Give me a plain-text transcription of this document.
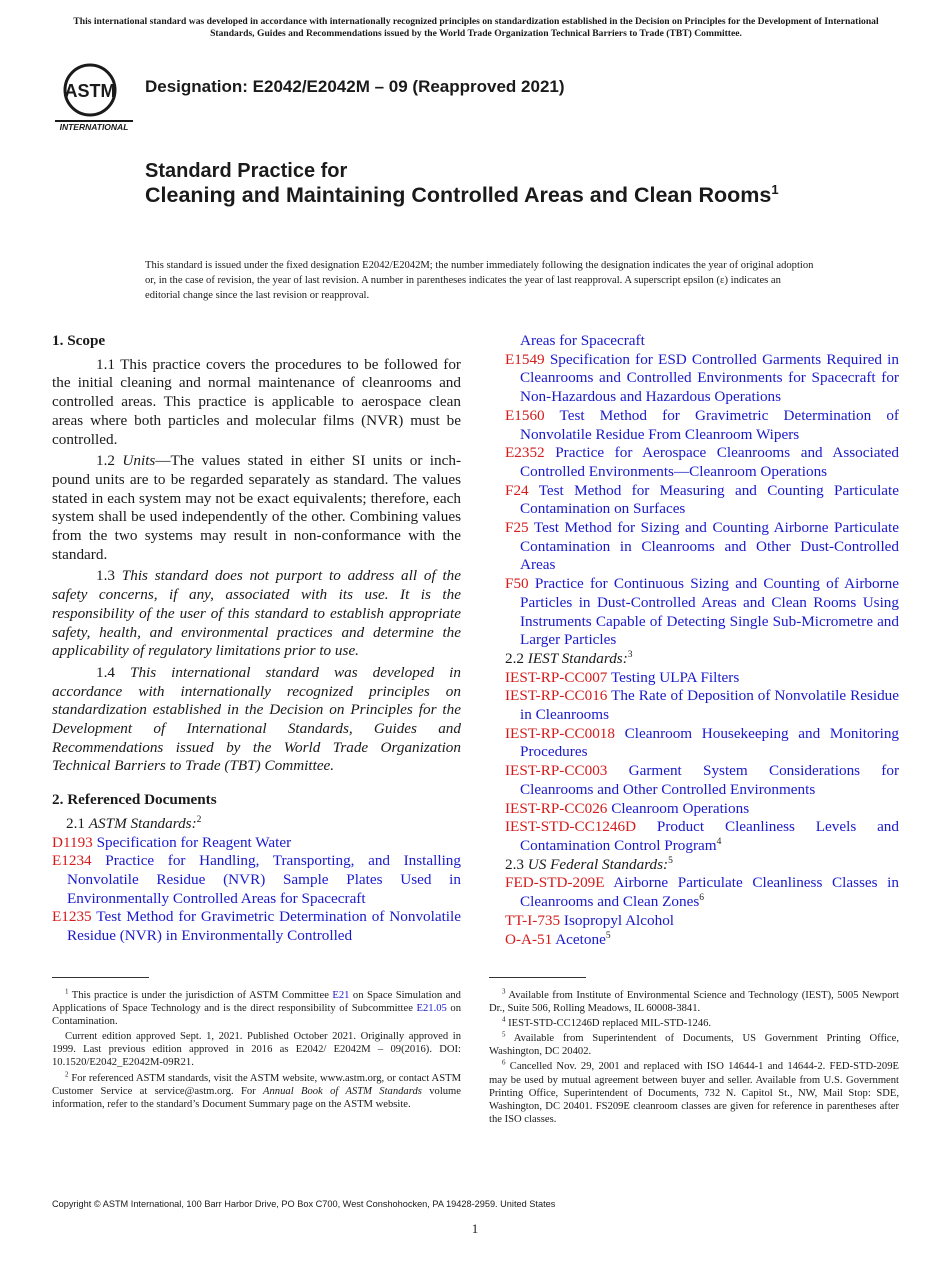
This international standard was developed in accordance with internationally recognized principles on standardization established in the Decision on Principles for the Development of International Standards, Guides and Recommendations issued by the World Trade Organization Technical Barriers to Trade (TBT) Committee.
ASTM
INTERNATIONAL
Designation: E2042/E2042M – 09 (Reapproved 2021)
Standard Practice for
Cleaning and Maintaining Controlled Areas and Clean Rooms$^1$
This standard is issued under the fixed designation E2042/E2042M; the number immediately following the designation indicates the year of original adoption or, in the case of revision, the year of last revision. A number in parentheses indicates the year of last reapproval. A superscript epsilon (ε) indicates an editorial change since the last revision or reapproval.

1. Scope

1.1 This practice covers the procedures to be followed for the initial cleaning and normal maintenance of cleanrooms and controlled areas. This practice is applicable to aerospace clean areas where both particles and molecular films (NVR) must be controlled.

1.2 Units—The values stated in either SI units or inch-pound units are to be regarded separately as standard. The values stated in each system may not be exact equivalents; therefore, each system shall be used independently of the other. Combining values from the two systems may result in non-conformance with the standard.

1.3 This standard does not purport to address all of the safety concerns, if any, associated with its use. It is the responsibility of the user of this standard to establish appropriate safety, health, and environmental practices and determine the applicability of regulatory limitations prior to use.

1.4 This international standard was developed in accordance with internationally recognized principles on standardization established in the Decision on Principles for the Development of International Standards, Guides and Recommendations issued by the World Trade Organization Technical Barriers to Trade (TBT) Committee.

2. Referenced Documents

2.1 ASTM Standards:$^2$

D1193 Specification for Reagent Water

E1234 Practice for Handling, Transporting, and Installing Nonvolatile Residue (NVR) Sample Plates Used in Environmentally Controlled Areas for Spacecraft

E1235 Test Method for Gravimetric Determination of Nonvolatile Residue (NVR) in Environmentally Controlled

Areas for Spacecraft

E1549 Specification for ESD Controlled Garments Required in Cleanrooms and Controlled Environments for Spacecraft for Non-Hazardous and Hazardous Operations

E1560 Test Method for Gravimetric Determination of Nonvolatile Residue From Cleanroom Wipers

E2352 Practice for Aerospace Cleanrooms and Associated Controlled Environments—Cleanroom Operations

F24 Test Method for Measuring and Counting Particulate Contamination on Surfaces

F25 Test Method for Sizing and Counting Airborne Particulate Contamination in Cleanrooms and Other Dust-Controlled Areas

F50 Practice for Continuous Sizing and Counting of Airborne Particles in Dust-Controlled Areas and Clean Rooms Using Instruments Capable of Detecting Single Sub-Micrometre and Larger Particles

2.2 IEST Standards:$^3$

IEST-RP-CC007 Testing ULPA Filters

IEST-RP-CC016 The Rate of Deposition of Nonvolatile Residue in Cleanrooms

IEST-RP-CC0018 Cleanroom Housekeeping and Monitoring Procedures

IEST-RP-CC003 Garment System Considerations for Cleanrooms and Other Controlled Environments

IEST-RP-CC026 Cleanroom Operations

IEST-STD-CC1246D Product Cleanliness Levels and Contamination Control Program$^4$

2.3 US Federal Standards:$^5$

FED-STD-209E Airborne Particulate Cleanliness Classes in Cleanrooms and Clean Zones$^6$

TT-I-735 Isopropyl Alcohol

O-A-51 Acetone$^5$

$^1$ This practice is under the jurisdiction of ASTM Committee E21 on Space Simulation and Applications of Space Technology and is the direct responsibility of Subcommittee E21.05 on Contamination.

Current edition approved Sept. 1, 2021. Published October 2021. Originally approved in 1999. Last previous edition approved in 2016 as E2042/ E2042M – 09(2016). DOI: 10.1520/E2042_E2042M-09R21.

$^2$ For referenced ASTM standards, visit the ASTM website, www.astm.org, or contact ASTM Customer Service at service@astm.org. For Annual Book of ASTM Standards volume information, refer to the standard’s Document Summary page on the ASTM website.

$^3$ Available from Institute of Environmental Science and Technology (IEST), 5005 Newport Dr., Suite 506, Rolling Meadows, IL 60008-3841.

$^4$ IEST-STD-CC1246D replaced MIL-STD-1246.

$^5$ Available from Superintendent of Documents, US Government Printing Office, Washington, DC 20402.

$^6$ Cancelled Nov. 29, 2001 and replaced with ISO 14644-1 and 14644-2. FED-STD-209E may be used by mutual agreement between buyer and seller. Available from U.S. Government Printing Office, Superintendent of Documents, 732 N. Capitol St., NW, Mail Stop: SDE, Washington, DC 20401. FS209E cleanroom classes are given for reference in parentheses after the ISO classes.

Copyright © ASTM International, 100 Barr Harbor Drive, PO Box C700, West Conshohocken, PA 19428-2959. United States
1
